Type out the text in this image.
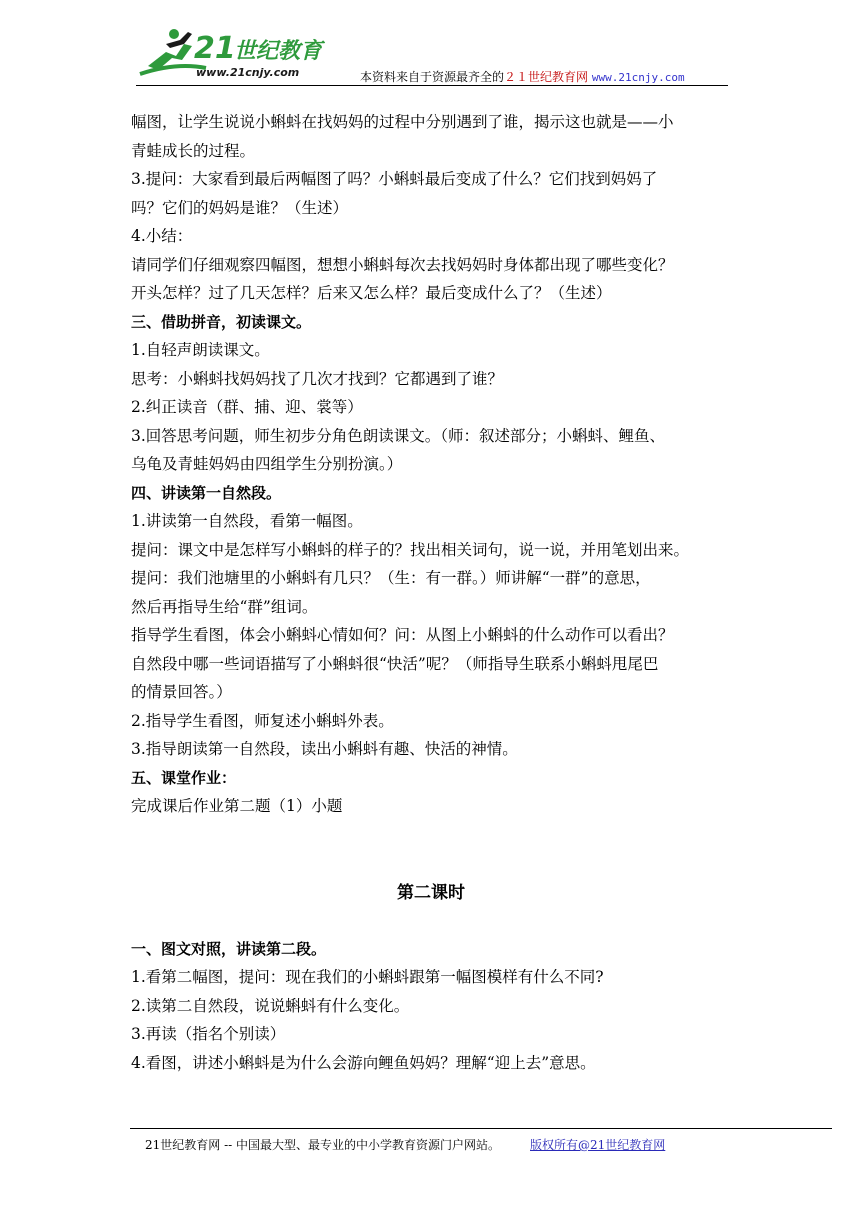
21
世纪教育
www.21cnjy.com	本资料来自于资源最齐全的２１世纪教育网 www.21cnjy.com
幅图，让学生说说小蝌蚪在找妈妈的过程中分别遇到了谁，揭示这也就是——小
青蛙成长的过程。
3.提问：大家看到最后两幅图了吗？小蝌蚪最后变成了什么？它们找到妈妈了
吗？它们的妈妈是谁？（生述）
4.小结：
请同学们仔细观察四幅图，想想小蝌蚪每次去找妈妈时身体都出现了哪些变化？
开头怎样？过了几天怎样？后来又怎么样？最后变成什么了？（生述）
三、借助拼音，初读课文。
1.自轻声朗读课文。
思考：小蝌蚪找妈妈找了几次才找到？它都遇到了谁？
2.纠正读音（群、捕、迎、裳等）
3.回答思考问题，师生初步分角色朗读课文。（师：叙述部分；小蝌蚪、鲤鱼、
乌龟及青蛙妈妈由四组学生分别扮演。）
四、讲读第一自然段。
1.讲读第一自然段，看第一幅图。
提问：课文中是怎样写小蝌蚪的样子的？找出相关词句，说一说，并用笔划出来。
提问：我们池塘里的小蝌蚪有几只？（生：有一群。）师讲解“一群”的意思，
然后再指导生给“群”组词。
指导学生看图，体会小蝌蚪心情如何？问：从图上小蝌蚪的什么动作可以看出？
自然段中哪一些词语描写了小蝌蚪很“快活”呢？（师指导生联系小蝌蚪甩尾巴
的情景回答。）
2.指导学生看图，师复述小蝌蚪外表。
3.指导朗读第一自然段，读出小蝌蚪有趣、快活的神情。
五、课堂作业：
完成课后作业第二题（1）小题
第二课时
一、图文对照，讲读第二段。
1.看第二幅图，提问：现在我们的小蝌蚪跟第一幅图模样有什么不同?
2.读第二自然段，说说蝌蚪有什么变化。
3.再读（指名个别读）
4.看图，讲述小蝌蚪是为什么会游向鲤鱼妈妈？理解“迎上去”意思。
21世纪教育网 -- 中国最大型、最专业的中小学教育资源门户网站。	版权所有@21世纪教育网
